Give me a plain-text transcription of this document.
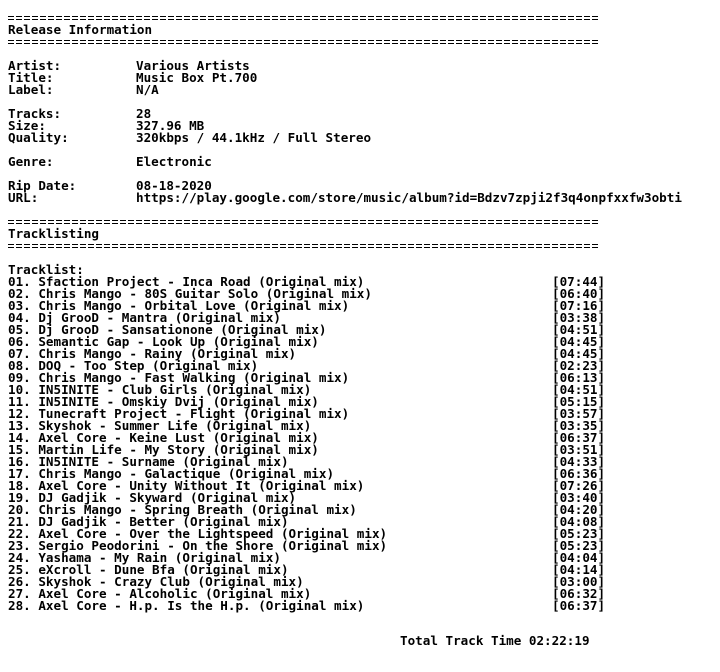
Release Information
Artist:	Various Artists
Title:	Music Box Pt.700
Label:	N/A
Tracks:	28
Size:	327.96 MB
Quality:	320kbps / 44.1kHz / Full Stereo
Genre:	Electronic
Rip Date:	08-18-2020
URL:	https://play.google.com/store/music/album?id=Bdzv7zpji2f3q4onpfxxfw3obti
Tracklisting
Tracklist:
01. Sfaction Project - Inca Road (Original mix)	[07:44]
02. Chris Mango - 80S Guitar Solo (Original mix)	[06:40]
03. Chris Mango - Orbital Love (Original mix)	[07:16]
04. Dj GrooD - Mantra (Original mix)	[03:38]
05. Dj GrooD - Sansationone (Original mix)	[04:51]
06. Semantic Gap - Look Up (Original mix)	[04:45]
07. Chris Mango - Rainy (Original mix)	[04:45]
08. DOQ - Too Step (Original mix)	[02:23]
09. Chris Mango - Fast Walking (Original mix)	[06:13]
10. IN5INITE - Club Girls (Original mix)	[04:51]
11. IN5INITE - Omskiy Dvij (Original mix)	[05:15]
12. Tunecraft Project - Flight (Original mix)	[03:57]
13. Skyshok - Summer Life (Original mix)	[03:35]
14. Axel Core - Keine Lust (Original mix)	[06:37]
15. Martin Life - My Story (Original mix)	[03:51]
16. IN5INITE - Surname (Original mix)	[04:33]
17. Chris Mango - Galactique (Original mix)	[06:36]
18. Axel Core - Unity Without It (Original mix)	[07:26]
19. DJ Gadjik - Skyward (Original mix)	[03:40]
20. Chris Mango - Spring Breath (Original mix)	[04:20]
21. DJ Gadjik - Better (Original mix)	[04:08]
22. Axel Core - Over the Lightspeed (Original mix)	[05:23]
23. Sergio Peodorini - On the Shore (Original mix)	[05:23]
24. Yashama - My Rain (Original mix)	[04:04]
25. eXcroll - Dune Bfa (Original mix)	[04:14]
26. Skyshok - Crazy Club (Original mix)	[03:00]
27. Axel Core - Alcoholic (Original mix)	[06:32]
28. Axel Core - H.p. Is the H.p. (Original mix)	[06:37]
Total Track Time 02:22:19
